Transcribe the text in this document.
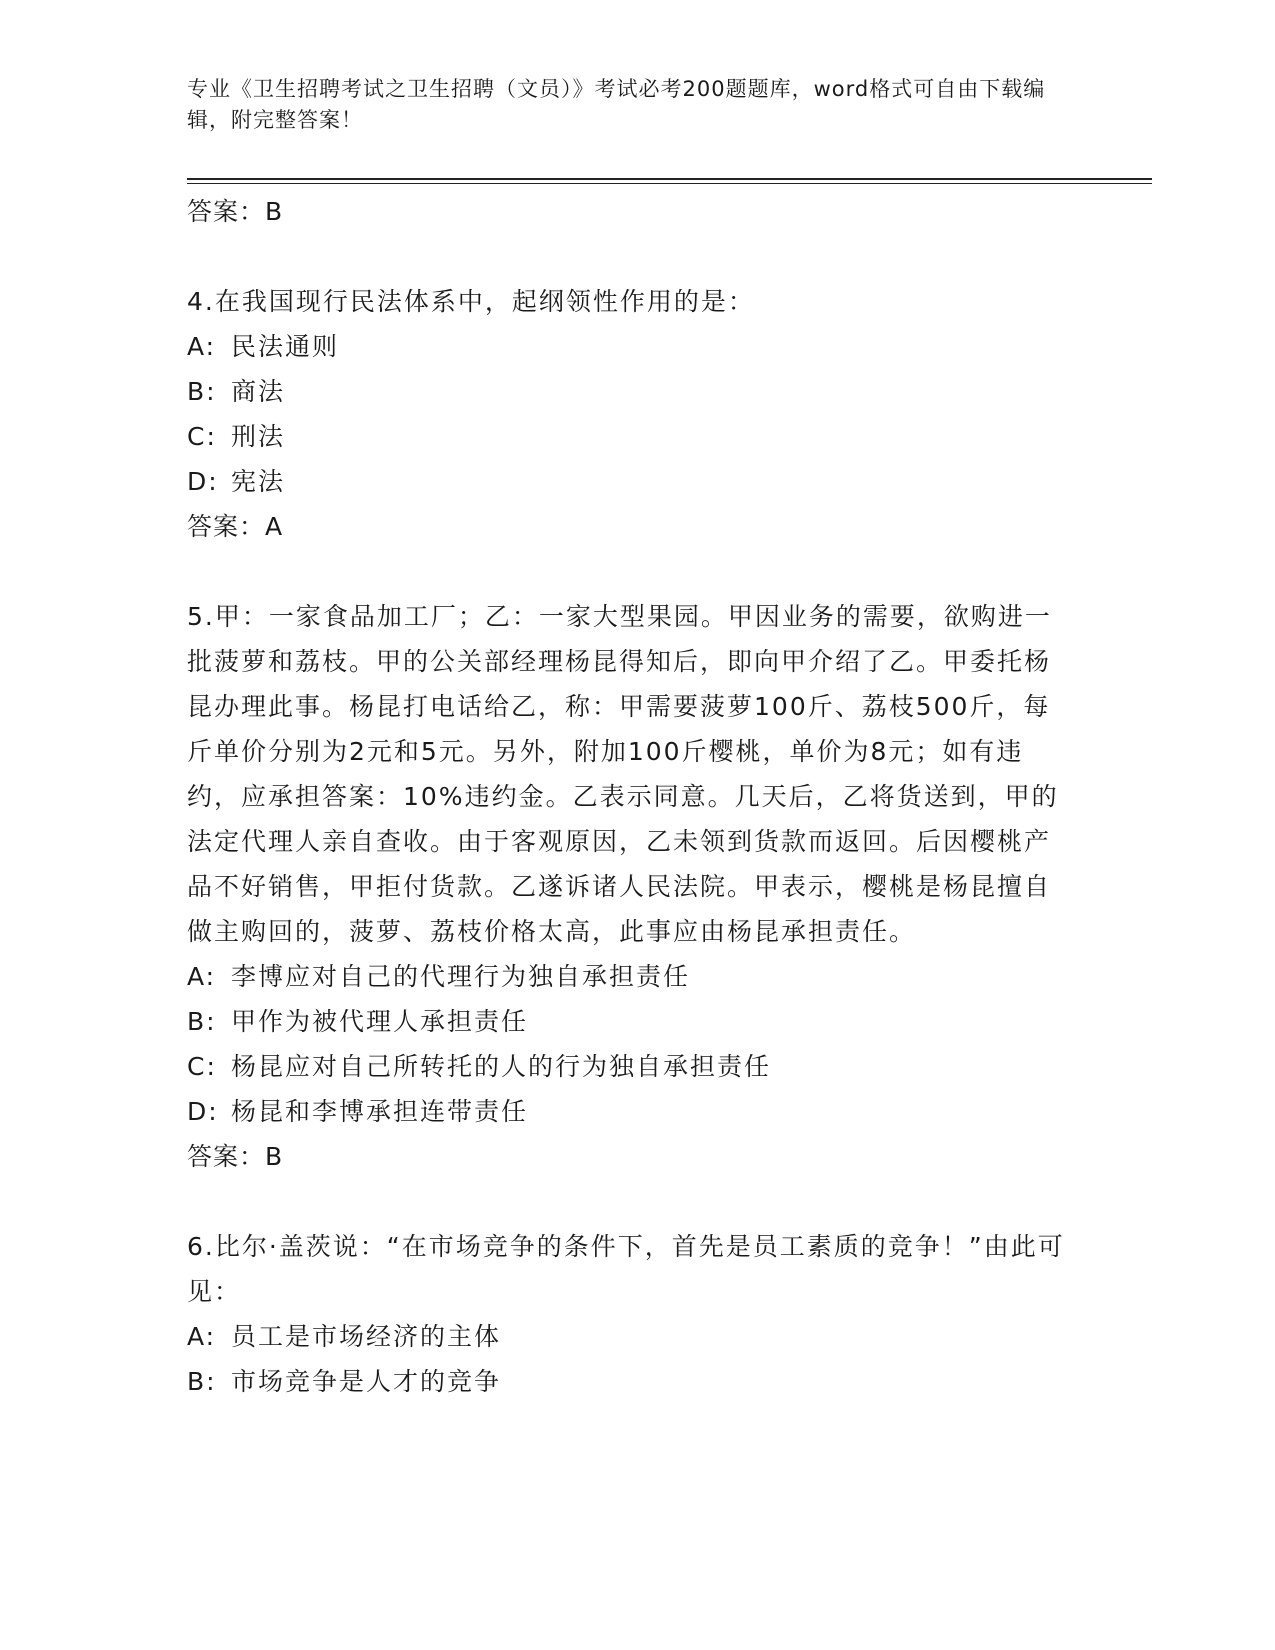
专业《卫生招聘考试之卫生招聘（文员）》考试必考200题题库，word格式可自由下载编辑，附完整答案！
答案：B
4.在我国现行民法体系中，起纲领性作用的是：
A: 民法通则
B: 商法
C: 刑法
D: 宪法
答案：A
5.甲：一家食品加工厂；乙：一家大型果园。甲因业务的需要，欲购进一批菠萝和荔枝。甲的公关部经理杨昆得知后，即向甲介绍了乙。甲委托杨昆办理此事。杨昆打电话给乙，称：甲需要菠萝100斤、荔枝500斤，每斤单价分别为2元和5元。另外，附加100斤樱桃，单价为8元；如有违约，应承担答案：10%违约金。乙表示同意。几天后，乙将货送到，甲的法定代理人亲自查收。由于客观原因，乙未领到货款而返回。后因樱桃产品不好销售，甲拒付货款。乙遂诉诸人民法院。甲表示，樱桃是杨昆擅自做主购回的，菠萝、荔枝价格太高，此事应由杨昆承担责任。
A: 李博应对自己的代理行为独自承担责任
B: 甲作为被代理人承担责任
C: 杨昆应对自己所转托的人的行为独自承担责任
D: 杨昆和李博承担连带责任
答案：B
6.比尔·盖茨说：“在市场竞争的条件下，首先是员工素质的竞争！”由此可见：
A: 员工是市场经济的主体
B: 市场竞争是人才的竞争
